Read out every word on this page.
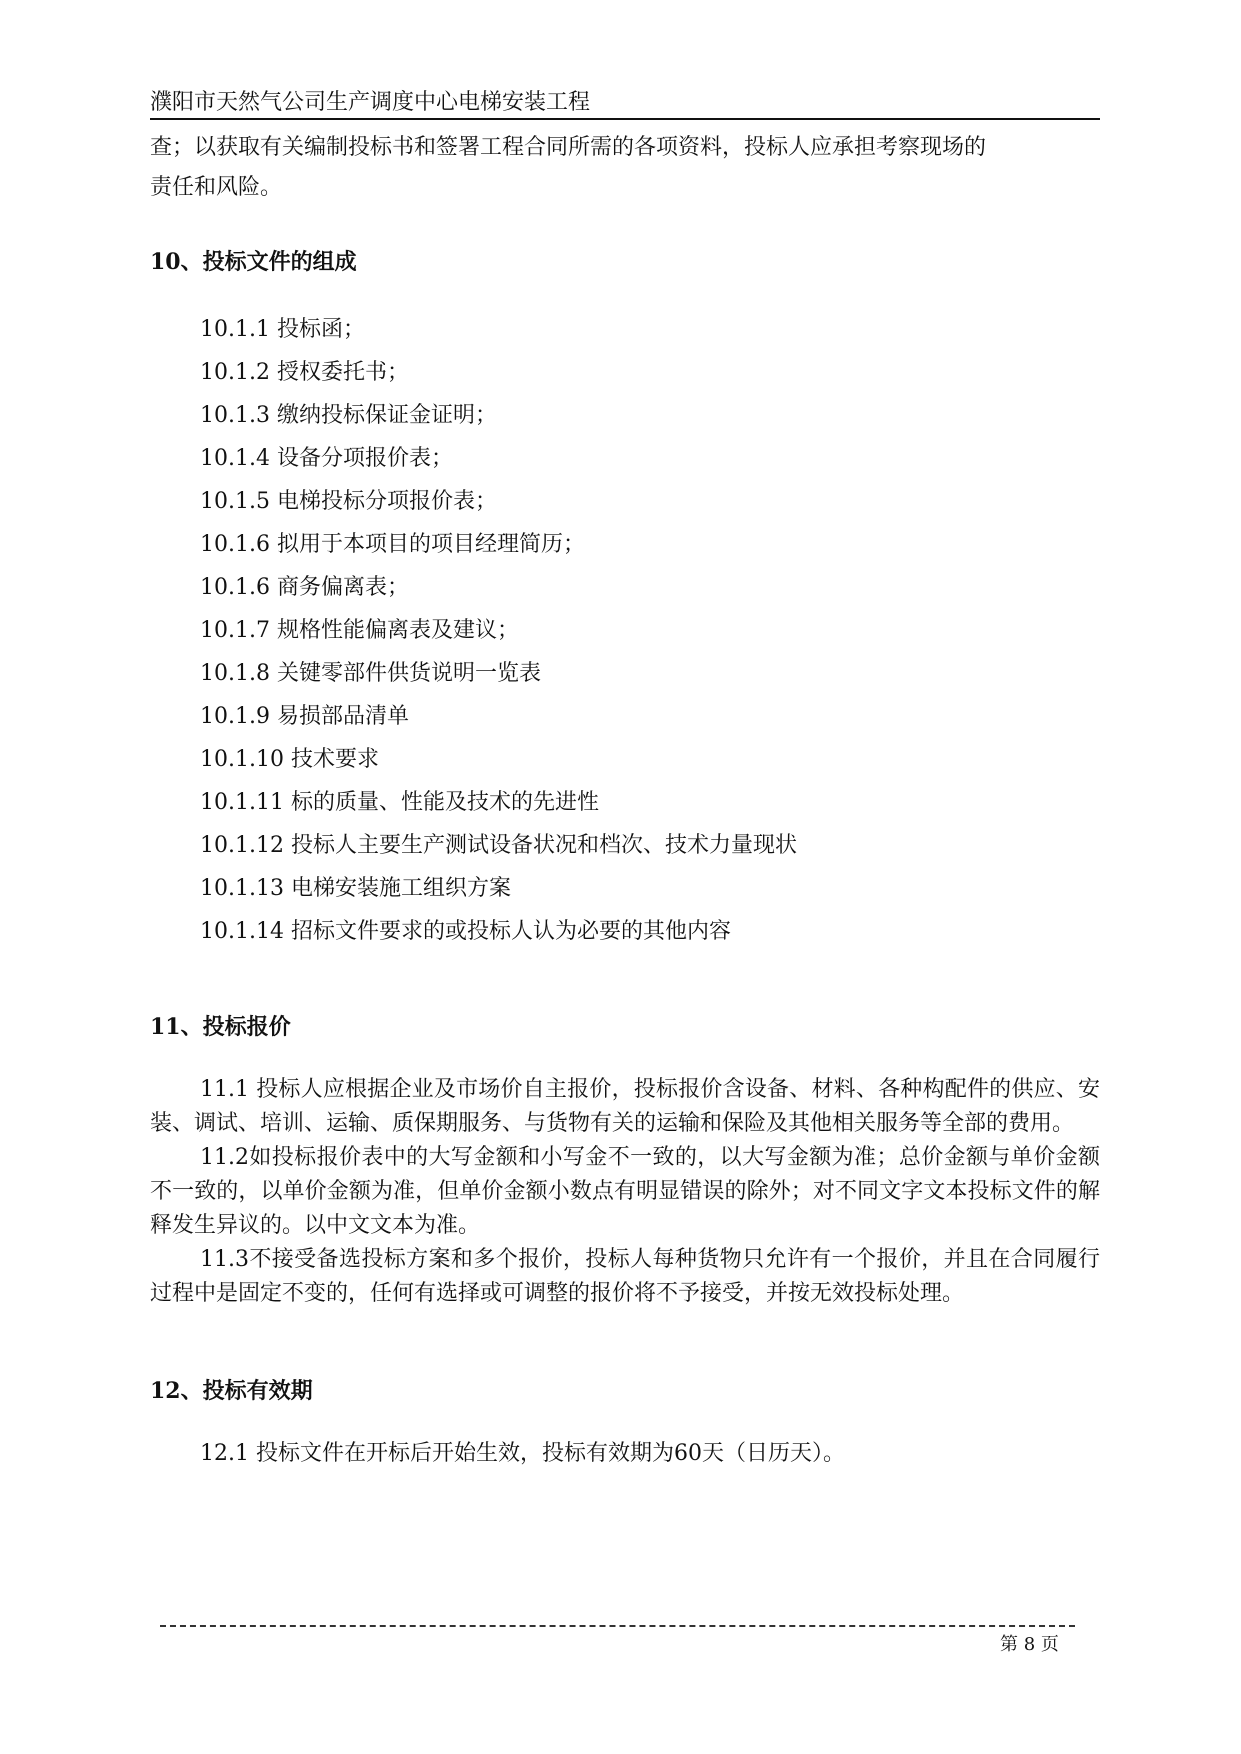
濮阳市天然气公司生产调度中心电梯安装工程

查；以获取有关编制投标书和签署工程合同所需的各项资料，投标人应承担考察现场的

责任和风险。

10、投标文件的组成

10.1.1 投标函；

10.1.2 授权委托书；

10.1.3 缴纳投标保证金证明；

10.1.4 设备分项报价表；

10.1.5 电梯投标分项报价表；

10.1.6 拟用于本项目的项目经理简历；

10.1.6 商务偏离表；

10.1.7 规格性能偏离表及建议；

10.1.8 关键零部件供货说明一览表

10.1.9 易损部品清单

10.1.10 技术要求

10.1.11 标的质量、性能及技术的先进性

10.1.12 投标人主要生产测试设备状况和档次、技术力量现状

10.1.13 电梯安装施工组织方案

10.1.14 招标文件要求的或投标人认为必要的其他内容

11、投标报价

11.1 投标人应根据企业及市场价自主报价，投标报价含设备、材料、各种构配件的供应、安装、调试、培训、运输、质保期服务、与货物有关的运输和保险及其他相关服务等全部的费用。

11.2如投标报价表中的大写金额和小写金不一致的，以大写金额为准；总价金额与单价金额不一致的，以单价金额为准，但单价金额小数点有明显错误的除外；对不同文字文本投标文件的解释发生异议的。以中文文本为准。

11.3不接受备选投标方案和多个报价，投标人每种货物只允许有一个报价，并且在合同履行过程中是固定不变的，任何有选择或可调整的报价将不予接受，并按无效投标处理。

12、投标有效期

12.1 投标文件在开标后开始生效，投标有效期为60天（日历天）。

第 8 页
